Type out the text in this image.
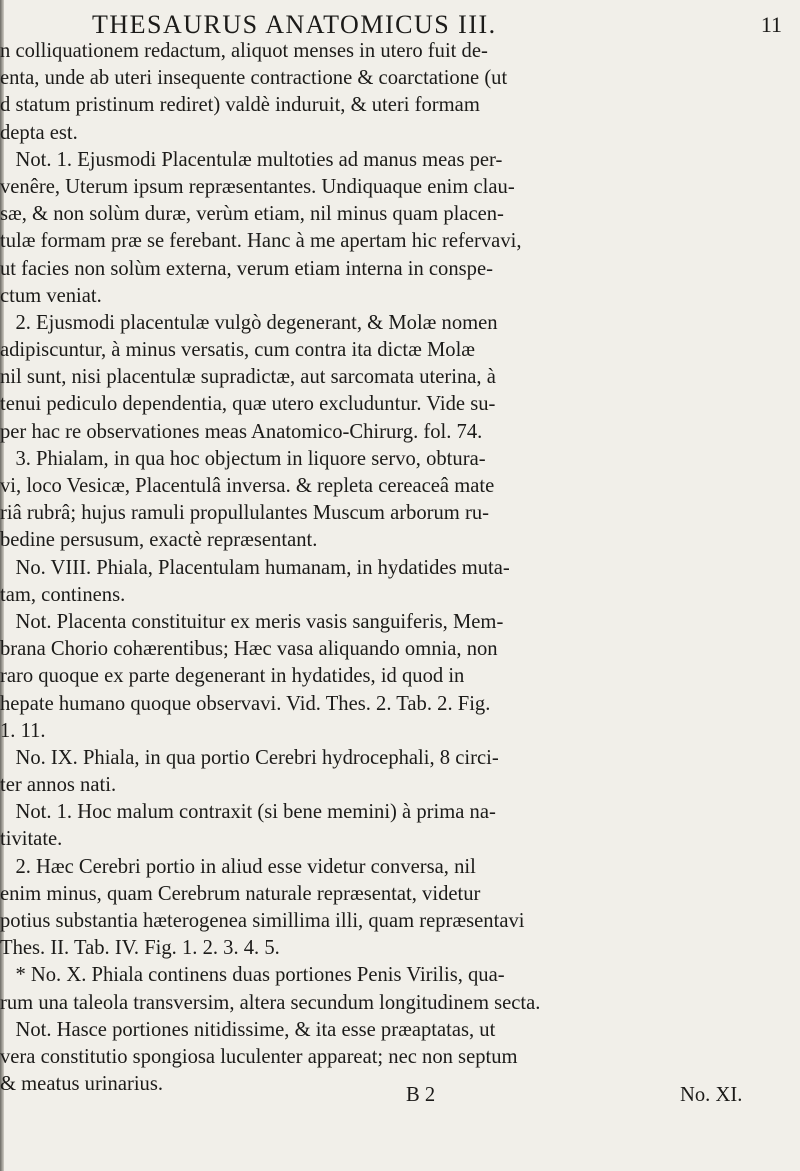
THESAURUS ANATOMICUS III.	11
n colliquationem redactum, aliquot menses in utero fuit de-
enta, unde ab uteri insequente contractione & coarctatione (ut
d statum pristinum rediret) valdè induruit, & uteri formam
depta est.
Not. 1. Ejusmodi Placentulæ multoties ad manus meas per-
venêre, Uterum ipsum repræsentantes. Undiquaque enim clau-
sæ, & non solùm duræ, verùm etiam, nil minus quam placen-
tulæ formam præ se ferebant. Hanc à me apertam hic refervavi,
ut facies non solùm externa, verum etiam interna in conspe-
ctum veniat.
2. Ejusmodi placentulæ vulgò degenerant, & Molæ nomen
adipiscuntur, à minus versatis, cum contra ita dictæ Molæ
nil sunt, nisi placentulæ supradictæ, aut sarcomata uterina, à
tenui pediculo dependentia, quæ utero excluduntur. Vide su-
per hac re observationes meas Anatomico-Chirurg. fol. 74.
3. Phialam, in qua hoc objectum in liquore servo, obtura-
vi, loco Vesicæ, Placentulâ inversa. & repleta cereaceâ mate
riâ rubrâ; hujus ramuli propullulantes Muscum arborum ru-
bedine persusum, exactè repræsentant.
No. VIII. Phiala, Placentulam humanam, in hydatides muta-
tam, continens.
Not. Placenta constituitur ex meris vasis sanguiferis, Mem-
brana Chorio cohærentibus; Hæc vasa aliquando omnia, non
raro quoque ex parte degenerant in hydatides, id quod in
hepate humano quoque observavi. Vid. Thes. 2. Tab. 2. Fig.
1. 11.
No. IX. Phiala, in qua portio Cerebri hydrocephali, 8 circi-
ter annos nati.
Not. 1. Hoc malum contraxit (si bene memini) à prima na-
tivitate.
2. Hæc Cerebri portio in aliud esse videtur conversa, nil
enim minus, quam Cerebrum naturale repræsentat, videtur
potius substantia hæterogenea simillima illi, quam repræsentavi
Thes. II. Tab. IV. Fig. 1. 2. 3. 4. 5.
* No. X. Phiala continens duas portiones Penis Virilis, qua-
rum una taleola transversim, altera secundum longitudinem secta.
Not. Hasce portiones nitidissime, & ita esse præaptatas, ut
vera constitutio spongiosa luculenter appareat; nec non septum
& meatus urinarius.	B 2	No. XI.
